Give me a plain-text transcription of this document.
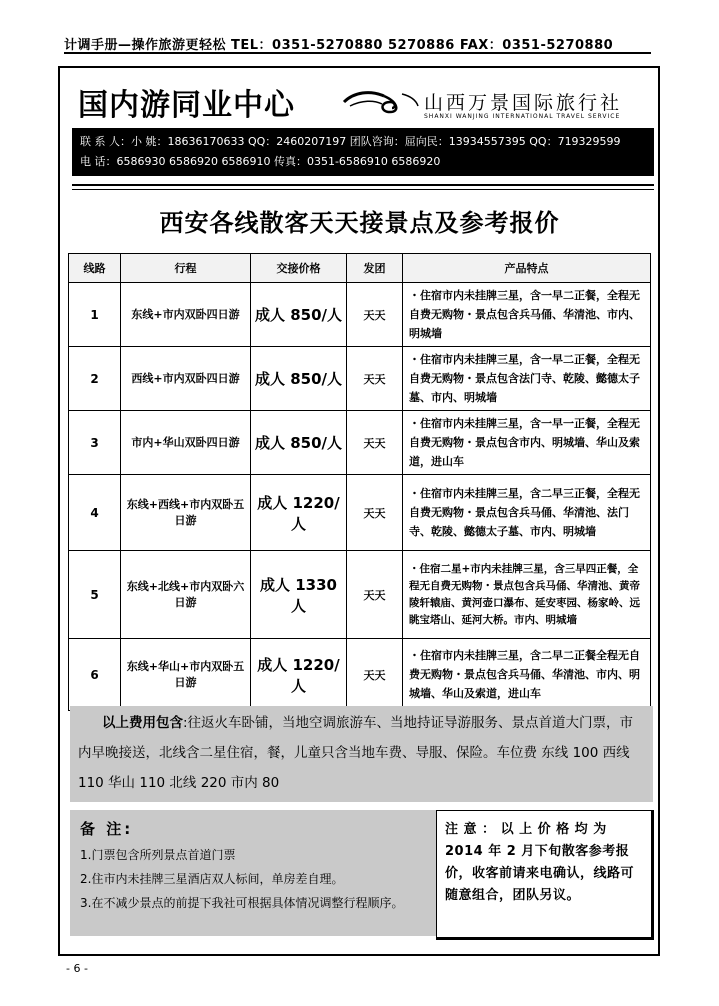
计调手册—操作旅游更轻松 TEL：0351-5270880 5270886 FAX：0351-5270880
国内游同业中心	山西万景国际旅行社
SHANXI WANJING INTERNATIONAL TRAVEL SERVICE
联 系 人：小 姚：18636170633 QQ：2460207197 团队咨询：屈向民：13934557395 QQ：719329599
电 话：6586930 6586920 6586910 传真：0351-6586910 6586920
西安各线散客天天接景点及参考报价
线路	行程	交接价格	发团	产品特点
1	东线+市内双卧四日游	成人 850/人	天天	・住宿市内未挂牌三星，含一早二正餐，全程无自费无购物・景点包含兵马俑、华清池、市内、明城墙
2	西线+市内双卧四日游	成人 850/人	天天	・住宿市内未挂牌三星，含一早二正餐，全程无自费无购物・景点包含法门寺、乾陵、懿德太子墓、市内、明城墙
3	市内+华山双卧四日游	成人 850/人	天天	・住宿市内未挂牌三星，含一早一正餐，全程无自费无购物・景点包含市内、明城墙、华山及索道，进山车
4	东线+西线+市内双卧五日游	成人 1220/人	天天	・住宿市内未挂牌三星，含二早三正餐，全程无自费无购物・景点包含兵马俑、华清池、法门寺、乾陵、懿德太子墓、市内、明城墙
5	东线+北线+市内双卧六日游	成人 1330 人	天天	・住宿二星+市内未挂牌三星，含三早四正餐，全程无自费无购物・景点包含兵马俑、华清池、黄帝陵轩辕庙、黄河壶口瀑布、延安枣园、杨家岭、远眺宝塔山、延河大桥。市内、明城墙
6	东线+华山+市内双卧五日游	成人 1220/人	天天	・住宿市内未挂牌三星，含二早二正餐全程无自费无购物・景点包含兵马俑、华清池、市内、明城墙、华山及索道，进山车
以上费用包含:往返火车卧铺，当地空调旅游车、当地持证导游服务、景点首道大门票，市内早晚接送，北线含二星住宿，餐，儿童只含当地车费、导服、保险。车位费 东线 100 西线 110 华山 110 北线 220 市内 80
备 注:
1.门票包含所列景点首道门票
2.住市内未挂牌三星酒店双人标间，单房差自理。
3.在不减少景点的前提下我社可根据具体情况调整行程顺序。
注 意 ： 以 上 价 格 均 为 2014 年 2 月下旬散客参考报价，收客前请来电确认，线路可随意组合，团队另议。
- 6 -
